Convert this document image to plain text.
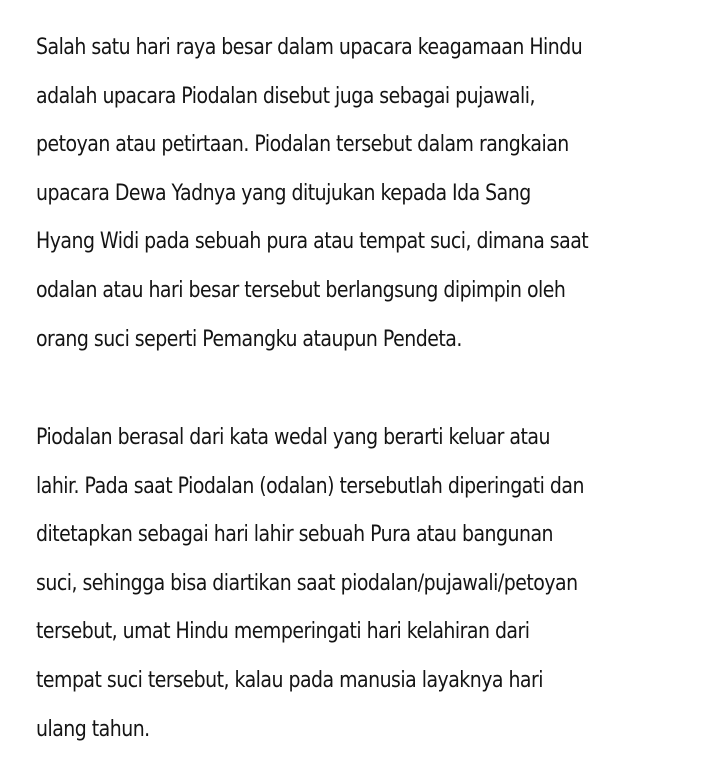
Salah satu hari raya besar dalam upacara keagamaan Hindu
adalah upacara Piodalan disebut juga sebagai pujawali,
petoyan atau petirtaan. Piodalan tersebut dalam rangkaian
upacara Dewa Yadnya yang ditujukan kepada Ida Sang
Hyang Widi pada sebuah pura atau tempat suci, dimana saat
odalan atau hari besar tersebut berlangsung dipimpin oleh
orang suci seperti Pemangku ataupun Pendeta.

Piodalan berasal dari kata wedal yang berarti keluar atau
lahir. Pada saat Piodalan (odalan) tersebutlah diperingati dan
ditetapkan sebagai hari lahir sebuah Pura atau bangunan
suci, sehingga bisa diartikan saat piodalan/pujawali/petoyan
tersebut, umat Hindu memperingati hari kelahiran dari
tempat suci tersebut, kalau pada manusia layaknya hari
ulang tahun.
